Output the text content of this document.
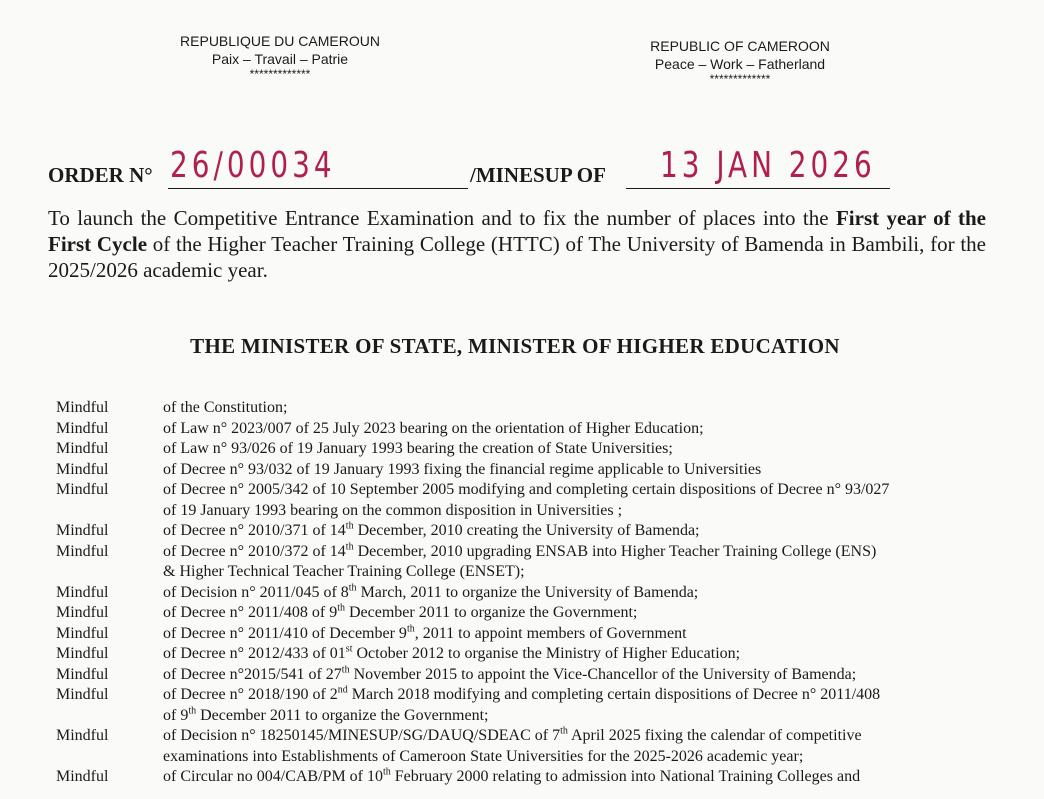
REPUBLIQUE DU CAMEROUN
Paix – Travail – Patrie
*************
REPUBLIC OF CAMEROON
Peace – Work – Fatherland
*************
ORDER N° 26/00034	/MINESUP OF 13 JAN 2026
To launch the Competitive Entrance Examination and to fix the number of places into the First year of the First Cycle of the Higher Teacher Training College (HTTC) of The University of Bamenda in Bambili, for the 2025/2026 academic year.
THE MINISTER OF STATE, MINISTER OF HIGHER EDUCATION
Mindful	of the Constitution;
Mindful	of Law n° 2023/007 of 25 July 2023 bearing on the orientation of Higher Education;
Mindful	of Law n° 93/026 of 19 January 1993 bearing the creation of State Universities;
Mindful	of Decree n° 93/032 of 19 January 1993 fixing the financial regime applicable to Universities
Mindful	of Decree n° 2005/342 of 10 September 2005 modifying and completing certain dispositions of Decree n° 93/027
of 19 January 1993 bearing on the common disposition in Universities ;
Mindful	of Decree n° 2010/371 of 14th December, 2010 creating the University of Bamenda;
Mindful	of Decree n° 2010/372 of 14th December, 2010 upgrading ENSAB into Higher Teacher Training College (ENS)
& Higher Technical Teacher Training College (ENSET);
Mindful	of Decision n° 2011/045 of 8th March, 2011 to organize the University of Bamenda;
Mindful	of Decree n° 2011/408 of 9th December 2011 to organize the Government;
Mindful	of Decree n° 2011/410 of December 9th, 2011 to appoint members of Government
Mindful	of Decree n° 2012/433 of 01st October 2012 to organise the Ministry of Higher Education;
Mindful	of Decree n°2015/541 of 27th November 2015 to appoint the Vice-Chancellor of the University of Bamenda;
Mindful	of Decree n° 2018/190 of 2nd March 2018 modifying and completing certain dispositions of Decree n° 2011/408
of 9th December 2011 to organize the Government;
Mindful	of Decision n° 18250145/MINESUP/SG/DAUQ/SDEAC of 7th April 2025 fixing the calendar of competitive
examinations into Establishments of Cameroon State Universities for the 2025-2026 academic year;
Mindful	of Circular no 004/CAB/PM of 10th February 2000 relating to admission into National Training Colleges and
